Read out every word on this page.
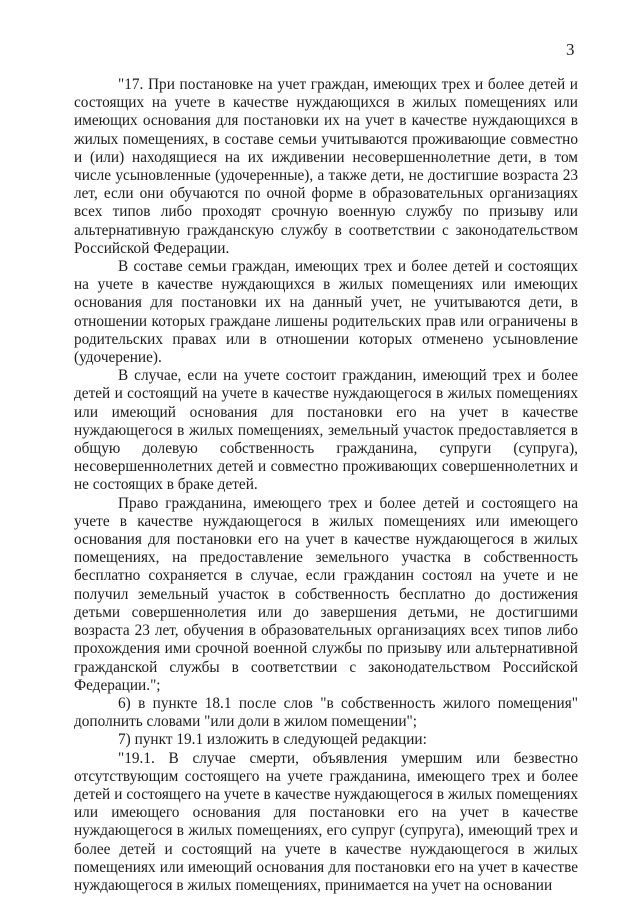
3

"17. При постановке на учет граждан, имеющих трех и более детей и состоящих на учете в качестве нуждающихся в жилых помещениях или имеющих основания для постановки их на учет в качестве нуждающихся в жилых помещениях, в составе семьи учитываются проживающие совместно и (или) находящиеся на их иждивении несовершеннолетние дети, в том числе усыновленные (удочеренные), а также дети, не достигшие возраста 23 лет, если они обучаются по очной форме в образовательных организациях всех типов либо проходят срочную военную службу по призыву или альтернативную гражданскую службу в соответствии с законодательством Российской Федерации.

В составе семьи граждан, имеющих трех и более детей и состоящих на учете в качестве нуждающихся в жилых помещениях или имеющих основания для постановки их на данный учет, не учитываются дети, в отношении которых граждане лишены родительских прав или ограничены в родительских правах или в отношении которых отменено усыновление (удочерение).

В случае, если на учете состоит гражданин, имеющий трех и более детей и состоящий на учете в качестве нуждающегося в жилых помещениях или имеющий основания для постановки его на учет в качестве нуждающегося в жилых помещениях, земельный участок предоставляется в общую долевую собственность гражданина, супруги (супруга), несовершеннолетних детей и совместно проживающих совершеннолетних и не состоящих в браке детей.

Право гражданина, имеющего трех и более детей и состоящего на учете в качестве нуждающегося в жилых помещениях или имеющего основания для постановки его на учет в качестве нуждающегося в жилых помещениях, на предоставление земельного участка в собственность бесплатно сохраняется в случае, если гражданин состоял на учете и не получил земельный участок в собственность бесплатно до достижения детьми совершеннолетия или до завершения детьми, не достигшими возраста 23 лет, обучения в образовательных организациях всех типов либо прохождения ими срочной военной службы по призыву или альтернативной гражданской службы в соответствии с законодательством Российской Федерации.";

6) в пункте 18.1 после слов "в собственность жилого помещения" дополнить словами "или доли в жилом помещении";

7) пункт 19.1 изложить в следующей редакции:

"19.1. В случае смерти, объявления умершим или безвестно отсутствующим состоящего на учете гражданина, имеющего трех и более детей и состоящего на учете в качестве нуждающегося в жилых помещениях или имеющего основания для постановки его на учет в качестве нуждающегося в жилых помещениях, его супруг (супруга), имеющий трех и более детей и состоящий на учете в качестве нуждающегося в жилых помещениях или имеющий основания для постановки его на учет в качестве нуждающегося в жилых помещениях, принимается на учет на основании
